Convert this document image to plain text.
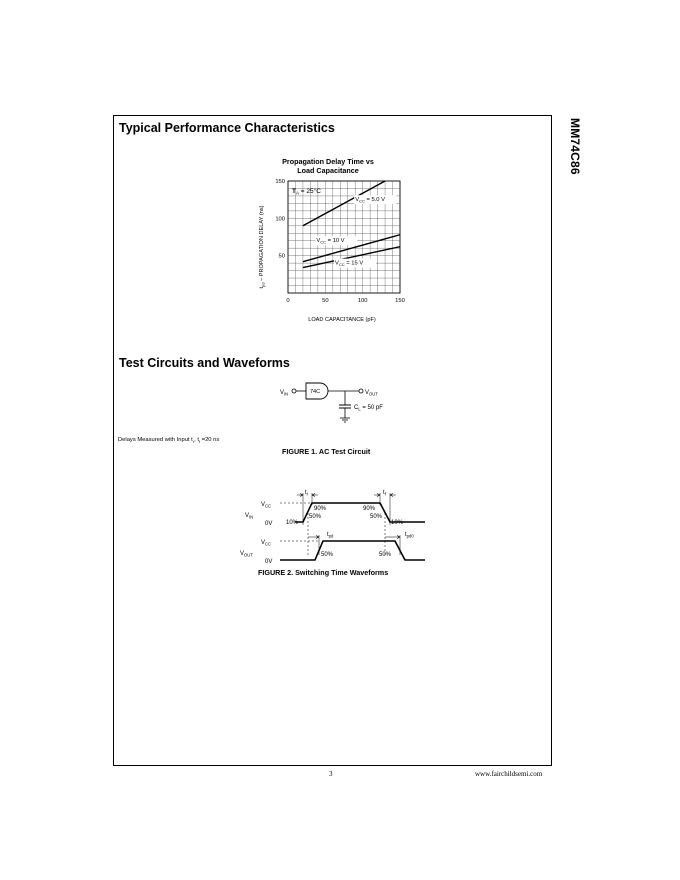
MM74C86
Typical Performance Characteristics
Propagation Delay Time vs
Load Capacitance
0	50	100	150
50
100
150
$V_{CC} = 5.0$ V
$V_{CC} = 10$ V
$V_{CC} = 15$ V
$T_A = 25^\circ C$
LOAD CAPACITANCE (pF)
$t_{pd}$ – PROPAGATION DELAY (ns)
Test Circuits and Waveforms
$V_{IN}$	74C	$V_{OUT}$
$C_L = 50$ pF
Delays Measured with Input $t_r$, $t_f =20$ ns
FIGURE 1. AC Test Circuit
$V_{CC}$
$V_{IN}$
0V
$V_{CC}$
$V_{OUT}$
0V
$t_r$	$t_f$
90%
50%
10%
90%
50%
10%
$t_{pd}$	$t_{pd0}$
50%	50%
FIGURE 2. Switching Time Waveforms
3	www.fairchildsemi.com
